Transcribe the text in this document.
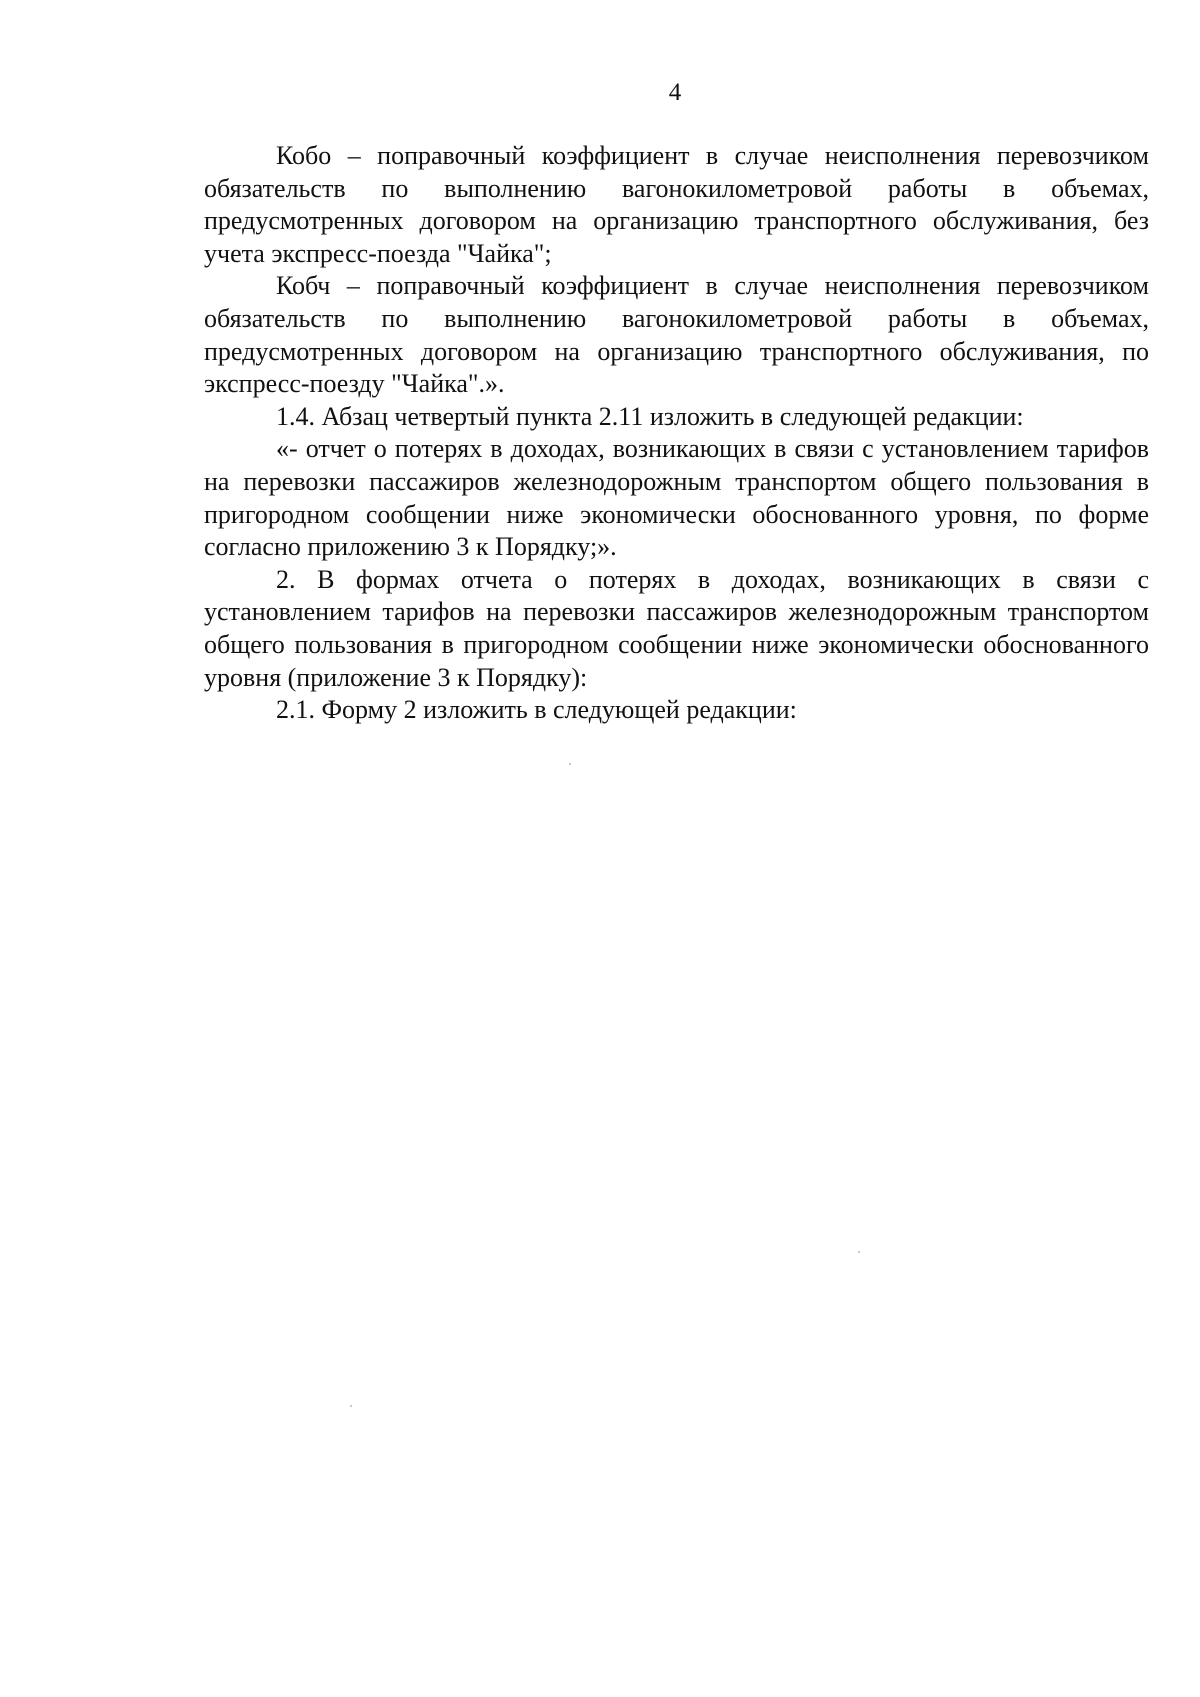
4

Кобо – поправочный коэффициент в случае неисполнения перевозчиком обязательств по выполнению вагонокилометровой работы в объемах, предусмотренных договором на организацию транспортного обслуживания, без учета экспресс-поезда "Чайка";

Кобч – поправочный коэффициент в случае неисполнения перевозчиком обязательств по выполнению вагонокилометровой работы в объемах, предусмотренных договором на организацию транспортного обслуживания, по экспресс-поезду "Чайка".».

1.4. Абзац четвертый пункта 2.11 изложить в следующей редакции:

«- отчет о потерях в доходах, возникающих в связи с установлением тарифов на перевозки пассажиров железнодорожным транспортом общего пользования в пригородном сообщении ниже экономически обоснованного уровня, по форме согласно приложению 3 к Порядку;».

2. В формах отчета о потерях в доходах, возникающих в связи с установлением тарифов на перевозки пассажиров железнодорожным транспортом общего пользования в пригородном сообщении ниже экономически обоснованного уровня (приложение 3 к Порядку):

2.1. Форму 2 изложить в следующей редакции:
